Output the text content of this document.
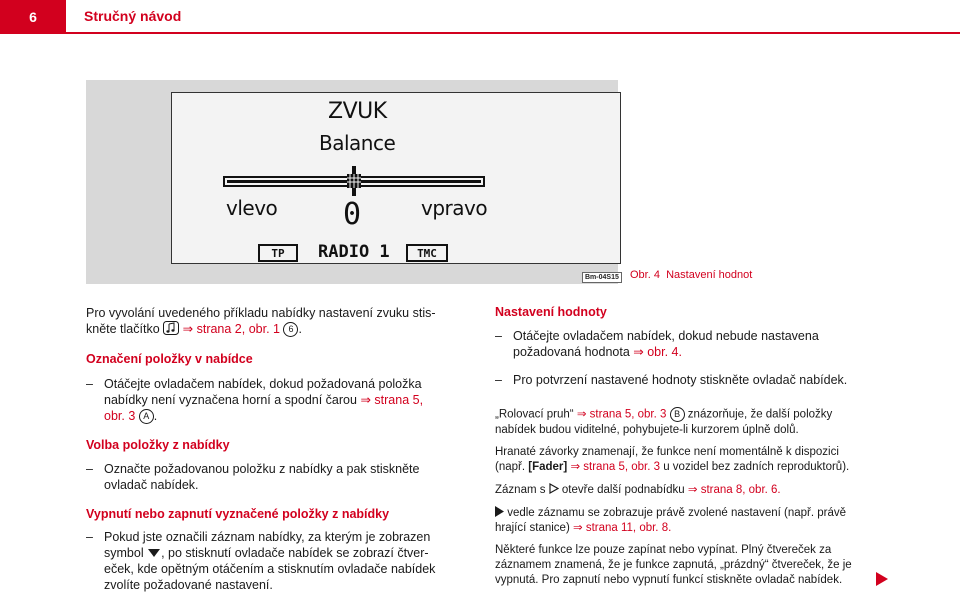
6	Stručný návod
ZVUK
Balance
vlevo 0	vpravo
TP	RADIO 1	TMC
Bm-04S15 Obr. 4 Nastavení hodnot
Pro vyvolání uvedeného příkladu nabídky nastavení zvuku stis-
kněte tlačítko ⇒ strana 2, obr. 1 6 .
Označení položky v nabídce
– Otáčejte ovladačem nabídek, dokud požadovaná položka
nabídky není vyznačena horní a spodní čarou ⇒ strana 5,
obr. 3 A .
Volba položky z nabídky
– Označte požadovanou položku z nabídky a pak stiskněte
ovladač nabídek.
Vypnutí nebo zapnutí vyznačené položky z nabídky
– Pokud jste označili záznam nabídky, za kterým je zobrazen
symbol , po stisknutí ovladače nabídek se zobrazí čtver-
eček, kde opětným otáčením a stisknutím ovladače nabídek
zvolíte požadované nastavení.
Nastavení hodnoty
– Otáčejte ovladačem nabídek, dokud nebude nastavena
požadovaná hodnota ⇒ obr. 4.
– Pro potvrzení nastavené hodnoty stiskněte ovladač nabídek.
„Rolovací pruh“ ⇒ strana 5, obr. 3 B znázorňuje, že další položky
nabídek budou viditelné, pohybujete-li kurzorem úplně dolů.
Hranaté závorky znamenají, že funkce není momentálně k dispozici
(např. [Fader] ⇒ strana 5, obr. 3 u vozidel bez zadních reproduktorů).
Záznam s otevře další podnabídku ⇒ strana 8, obr. 6.
vedle záznamu se zobrazuje právě zvolené nastavení (např. právě
hrající stanice) ⇒ strana 11, obr. 8.
Některé funkce lze pouze zapínat nebo vypínat. Plný čtvereček za
záznamem znamená, že je funkce zapnutá, „prázdný“ čtvereček, že je
vypnutá. Pro zapnutí nebo vypnutí funkcí stiskněte ovladač nabídek.
